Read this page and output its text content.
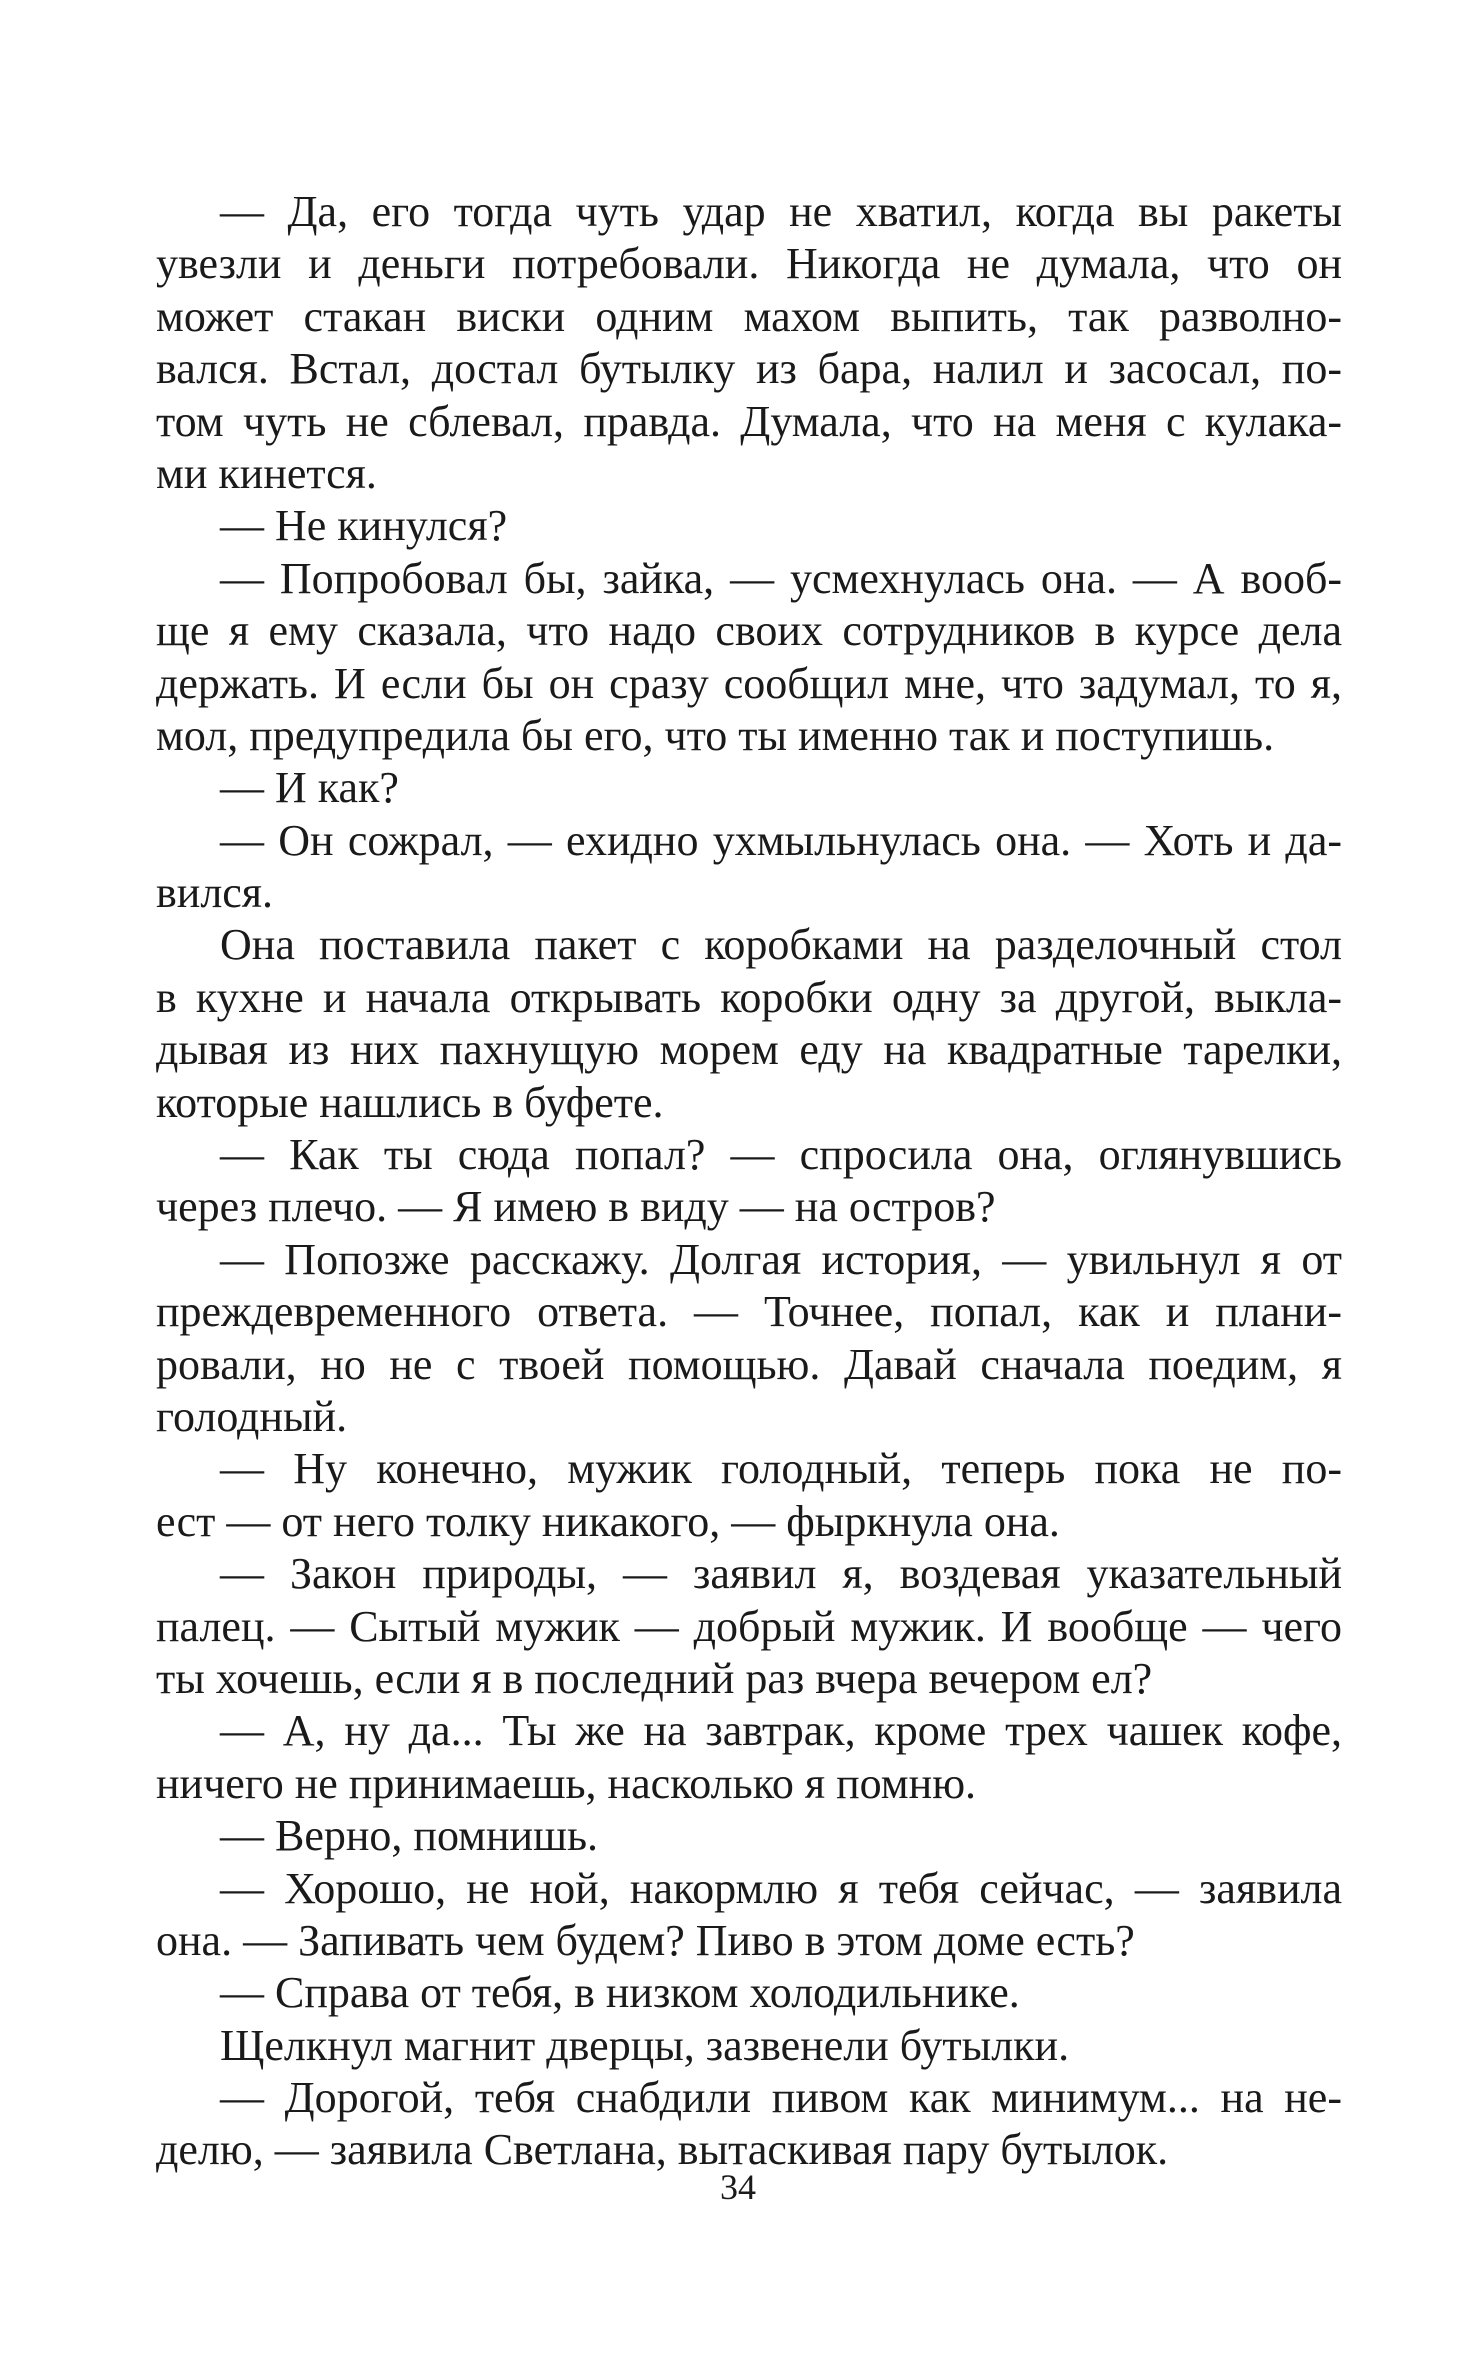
— Да, его тогда чуть удар не хватил, когда вы ракеты
увезли и деньги потребовали. Никогда не думала, что он
может стакан виски одним махом выпить, так разволно-
вался. Встал, достал бутылку из бара, налил и засосал, по-
том чуть не сблевал, правда. Думала, что на меня с кулака-
ми кинется.
— Не кинулся?
— Попробовал бы, зайка, — усмехнулась она. — А вооб-
ще я ему сказала, что надо своих сотрудников в курсе дела
держать. И если бы он сразу сообщил мне, что задумал, то я,
мол, предупредила бы его, что ты именно так и поступишь.
— И как?
— Он сожрал, — ехидно ухмыльнулась она. — Хоть и да-
вился.
Она поставила пакет с коробками на разделочный стол
в кухне и начала открывать коробки одну за другой, выкла-
дывая из них пахнущую морем еду на квадратные тарелки,
которые нашлись в буфете.
— Как ты сюда попал? — спросила она, оглянувшись
через плечо. — Я имею в виду — на остров?
— Попозже расскажу. Долгая история, — увильнул я от
преждевременного ответа. — Точнее, попал, как и плани-
ровали, но не с твоей помощью. Давай сначала поедим, я
голодный.
— Ну конечно, мужик голодный, теперь пока не по-
ест — от него толку никакого, — фыркнула она.
— Закон природы, — заявил я, воздевая указательный
палец. — Сытый мужик — добрый мужик. И вообще — чего
ты хочешь, если я в последний раз вчера вечером ел?
— А, ну да... Ты же на завтрак, кроме трех чашек кофе,
ничего не принимаешь, насколько я помню.
— Верно, помнишь.
— Хорошо, не ной, накормлю я тебя сейчас, — заявила
она. — Запивать чем будем? Пиво в этом доме есть?
— Справа от тебя, в низком холодильнике.
Щелкнул магнит дверцы, зазвенели бутылки.
— Дорогой, тебя снабдили пивом как минимум... на не-
делю, — заявила Светлана, вытаскивая пару бутылок.
34
